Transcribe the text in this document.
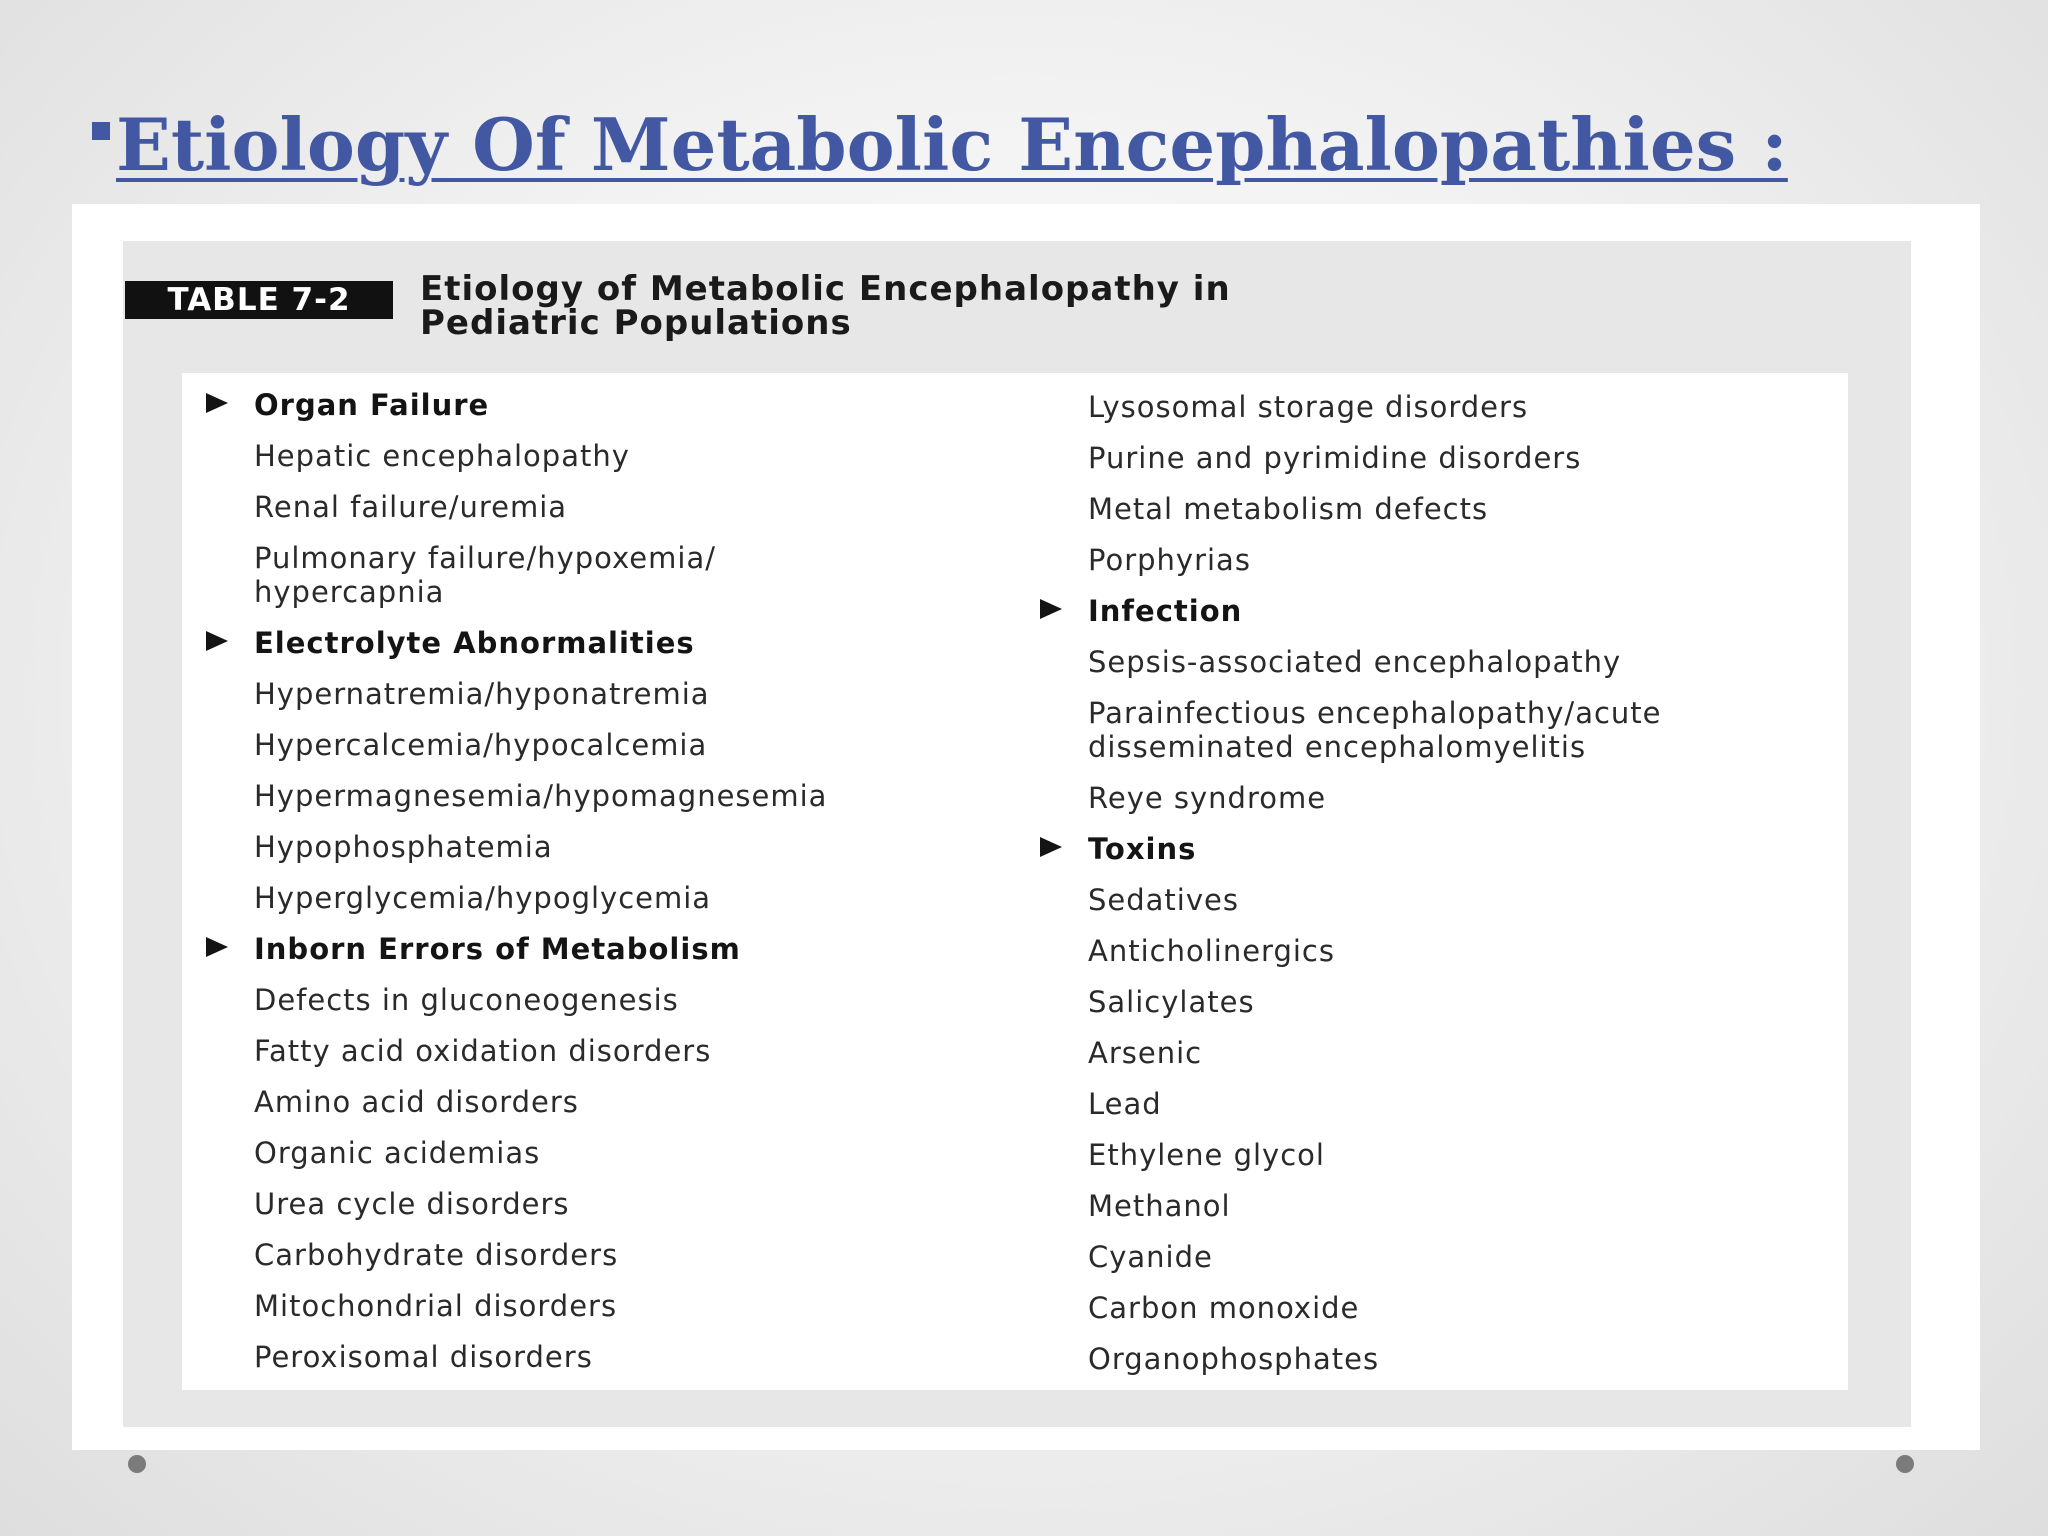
Etiology Of Metabolic Encephalopathies :
TABLE 7-2	Etiology of Metabolic Encephalopathy in
Pediatric Populations
Organ Failure
Hepatic encephalopathy
Renal failure/uremia
Pulmonary failure/hypoxemia/
hypercapnia
Electrolyte Abnormalities
Hypernatremia/hyponatremia
Hypercalcemia/hypocalcemia
Hypermagnesemia/hypomagnesemia
Hypophosphatemia
Hyperglycemia/hypoglycemia
Inborn Errors of Metabolism
Defects in gluconeogenesis
Fatty acid oxidation disorders
Amino acid disorders
Organic acidemias
Urea cycle disorders
Carbohydrate disorders
Mitochondrial disorders
Peroxisomal disorders
Lysosomal storage disorders
Purine and pyrimidine disorders
Metal metabolism defects
Porphyrias
Infection
Sepsis-associated encephalopathy
Parainfectious encephalopathy/acute
disseminated encephalomyelitis
Reye syndrome
Toxins
Sedatives
Anticholinergics
Salicylates
Arsenic
Lead
Ethylene glycol
Methanol
Cyanide
Carbon monoxide
Organophosphates
